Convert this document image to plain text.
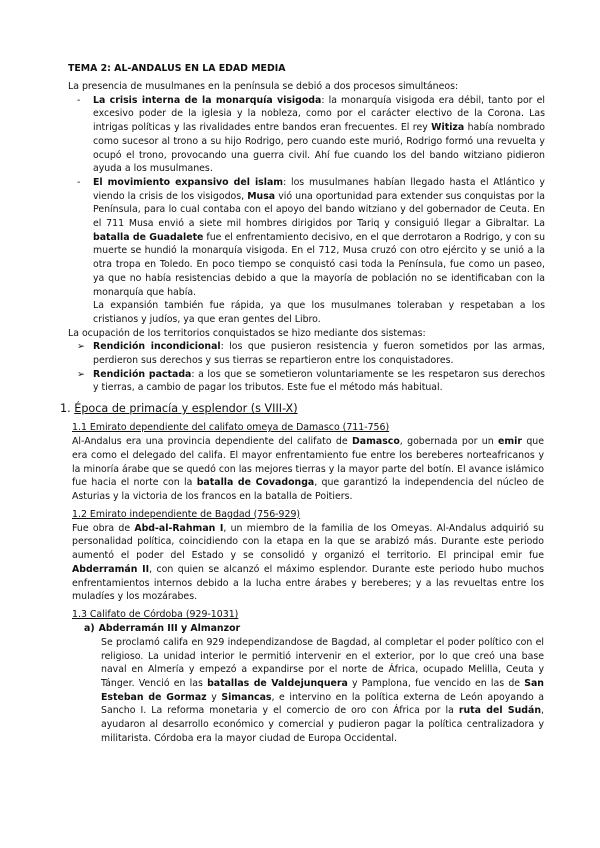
TEMA 2: AL-ANDALUS EN LA EDAD MEDIA

La presencia de musulmanes en la península se debió a dos procesos simultáneos:

- La crisis interna de la monarquía visigoda: la monarquía visigoda era débil, tanto por el excesivo poder de la iglesia y la nobleza, como por el carácter electivo de la Corona. Las intrigas políticas y las rivalidades entre bandos eran frecuentes. El rey Witiza había nombrado como sucesor al trono a su hijo Rodrigo, pero cuando este murió, Rodrigo formó una revuelta y ocupó el trono, provocando una guerra civil. Ahí fue cuando los del bando witziano pidieron ayuda a los musulmanes.
- El movimiento expansivo del islam: los musulmanes habían llegado hasta el Atlántico y viendo la crisis de los visigodos, Musa vió una oportunidad para extender sus conquistas por la Península, para lo cual contaba con el apoyo del bando witziano y del gobernador de Ceuta. En el 711 Musa envió a siete mil hombres dirigidos por Tariq y consiguió llegar a Gibraltar. La batalla de Guadalete fue el enfrentamiento decisivo, en el que derrotaron a Rodrigo, y con su muerte se hundió la monarquía visigoda. En el 712, Musa cruzó con otro ejército y se unió a la otra tropa en Toledo. En poco tiempo se conquistó casi toda la Península, fue como un paseo, ya que no había resistencias debido a que la mayoría de población no se identificaban con la monarquía que había.

La expansión también fue rápida, ya que los musulmanes toleraban y respetaban a los cristianos y judíos, ya que eran gentes del Libro.

La ocupación de los territorios conquistados se hizo mediante dos sistemas:

➢ Rendición incondicional: los que pusieron resistencia y fueron sometidos por las armas, perdieron sus derechos y sus tierras se repartieron entre los conquistadores.
➢ Rendición pactada: a los que se sometieron voluntariamente se les respetaron sus derechos y tierras, a cambio de pagar los tributos. Este fue el método más habitual.
1. Época de primacía y esplendor (s VIII-X)
1.1 Emirato dependiente del califato omeya de Damasco (711-756)

Al-Andalus era una provincia dependiente del califato de Damasco, gobernada por un emir que era como el delegado del califa. El mayor enfrentamiento fue entre los bereberes norteafricanos y la minoría árabe que se quedó con las mejores tierras y la mayor parte del botín. El avance islámico fue hacia el norte con la batalla de Covadonga, que garantizó la independencia del núcleo de Asturias y la victoria de los francos en la batalla de Poitiers.

1.2 Emirato independiente de Bagdad (756-929)

Fue obra de Abd-al-Rahman I, un miembro de la familia de los Omeyas. Al-Andalus adquirió su personalidad política, coincidiendo con la etapa en la que se arabizó más. Durante este periodo aumentó el poder del Estado y se consolidó y organizó el territorio. El principal emir fue Abderramán II, con quien se alcanzó el máximo esplendor. Durante este periodo hubo muchos enfrentamientos internos debido a la lucha entre árabes y bereberes; y a las revueltas entre los muladíes y los mozárabes.

1.3 Califato de Córdoba (929-1031)
a) Abderramán III y Almanzor

Se proclamó califa en 929 independizandose de Bagdad, al completar el poder político con el religioso. La unidad interior le permitió intervenir en el exterior, por lo que creó una base naval en Almería y empezó a expandirse por el norte de África, ocupado Melilla, Ceuta y Tánger. Venció en las batallas de Valdejunquera y Pamplona, fue vencido en las de San Esteban de Gormaz y Simancas, e intervino en la política externa de León apoyando a Sancho I. La reforma monetaria y el comercio de oro con África por la ruta del Sudán, ayudaron al desarrollo económico y comercial y pudieron pagar la política centralizadora y militarista. Córdoba era la mayor ciudad de Europa Occidental.
